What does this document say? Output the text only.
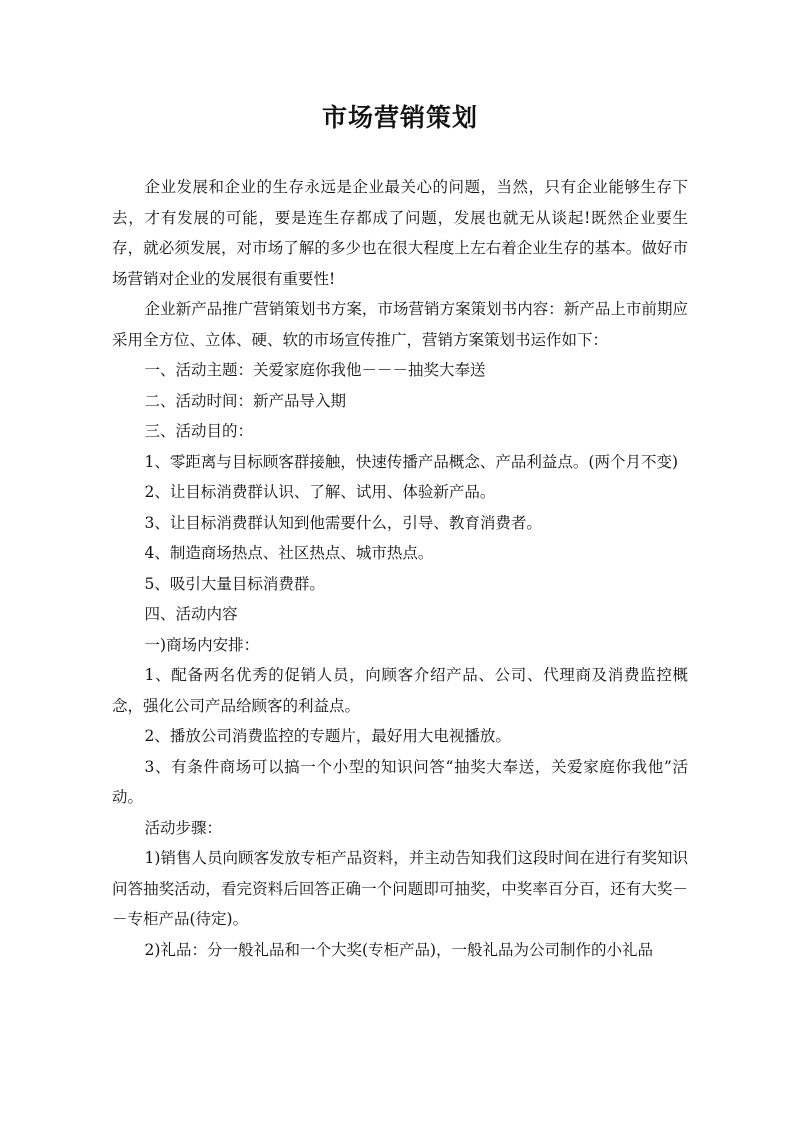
市场营销策划

企业发展和企业的生存永远是企业最关心的问题，当然，只有企业能够生存下去，才有发展的可能，要是连生存都成了问题，发展也就无从谈起!既然企业要生存，就必须发展，对市场了解的多少也在很大程度上左右着企业生存的基本。做好市场营销对企业的发展很有重要性!

企业新产品推广营销策划书方案，市场营销方案策划书内容：新产品上市前期应采用全方位、立体、硬、软的市场宣传推广，营销方案策划书运作如下：

一、活动主题：关爱家庭你我他－－－抽奖大奉送

二、活动时间：新产品导入期

三、活动目的：

1、零距离与目标顾客群接触，快速传播产品概念、产品利益点。(两个月不变)

2、让目标消费群认识、了解、试用、体验新产品。

3、让目标消费群认知到他需要什么，引导、教育消费者。

4、制造商场热点、社区热点、城市热点。

5、吸引大量目标消费群。

四、活动内容

一)商场内安排：

1、配备两名优秀的促销人员，向顾客介绍产品、公司、代理商及消费监控概念，强化公司产品给顾客的利益点。

2、播放公司消费监控的专题片，最好用大电视播放。

3、有条件商场可以搞一个小型的知识问答“抽奖大奉送，关爱家庭你我他”活动。

活动步骤：

1)销售人员向顾客发放专柜产品资料，并主动告知我们这段时间在进行有奖知识问答抽奖活动，看完资料后回答正确一个问题即可抽奖，中奖率百分百，还有大奖－－专柜产品(待定)。

2)礼品：分一般礼品和一个大奖(专柜产品)，一般礼品为公司制作的小礼品
